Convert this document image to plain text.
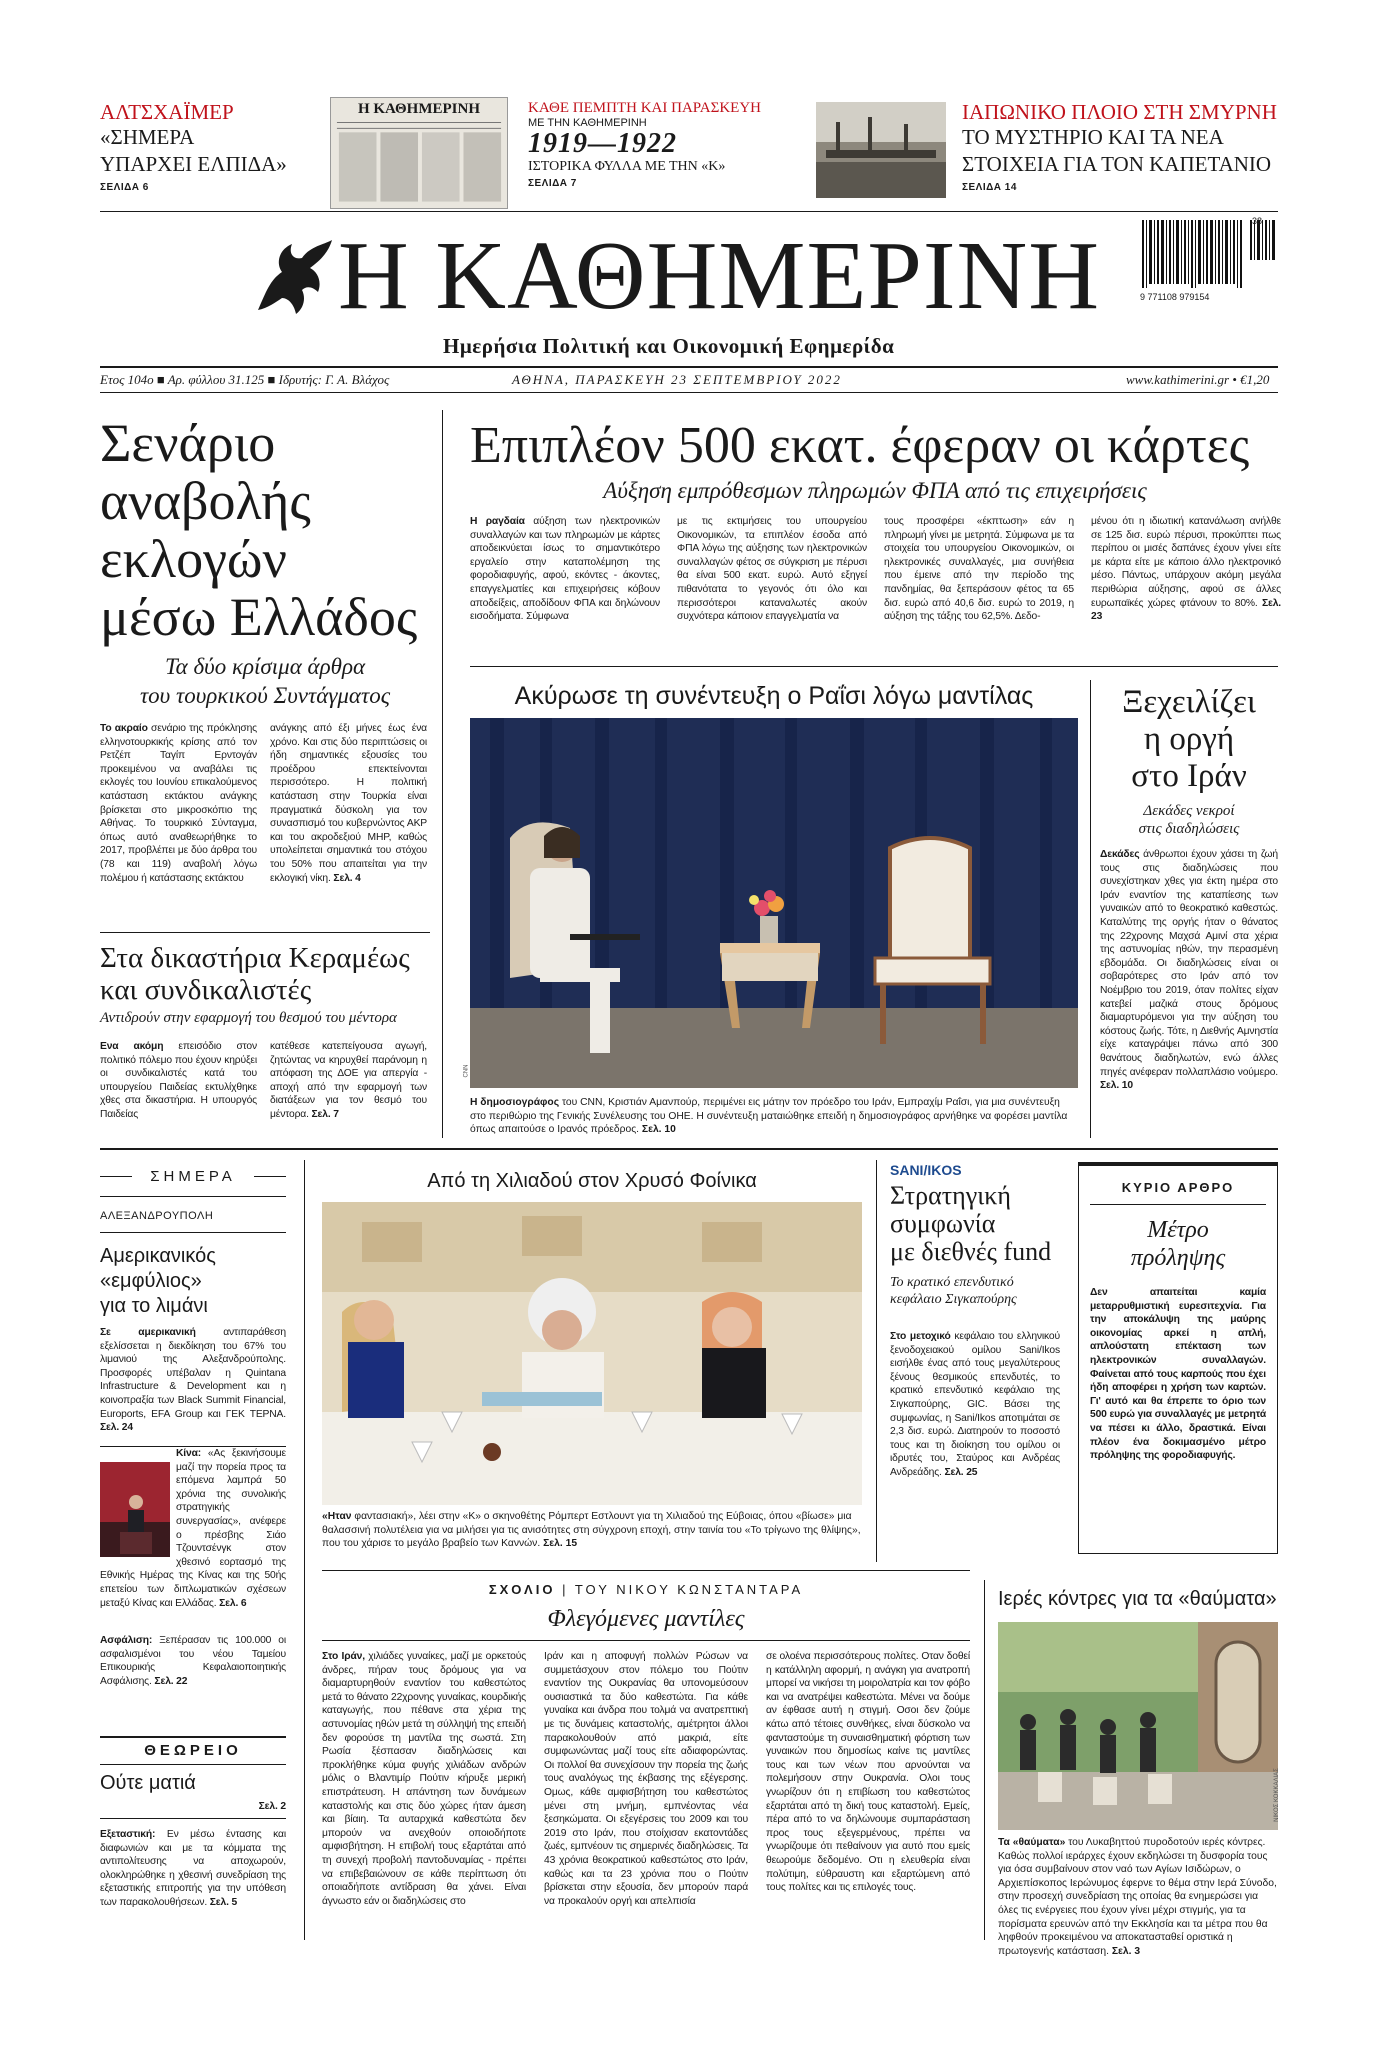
ΑΛΤΣΧΑΪΜΕΡ
«ΣΗΜΕΡΑ
ΥΠΑΡΧΕΙ ΕΛΠΙΔΑ»
ΣΕΛΙΔΑ 6
Η ΚΑΘΗΜΕΡΙΝΗ	ΚΑΘΕ ΠΕΜΠΤΗ ΚΑΙ ΠΑΡΑΣΚΕΥΗ
ΜΕ ΤΗΝ ΚΑΘΗΜΕΡΙΝΗ
1919—1922
ΙΣΤΟΡΙΚΑ ΦΥΛΛΑ ΜΕ ΤΗΝ «Κ»
ΣΕΛΙΔΑ 7
ΙΑΠΩΝΙΚΟ ΠΛΟΙΟ ΣΤΗ ΣΜΥΡΝΗ
ΤΟ ΜΥΣΤΗΡΙΟ ΚΑΙ ΤΑ ΝΕΑ
ΣΤΟΙΧΕΙΑ ΓΙΑ ΤΟΝ ΚΑΠΕΤΑΝΙΟ
ΣΕΛΙΔΑ 14
Η ΚΑΘΗΜΕΡΙΝΗ	9 771108 979154
38
Ημερήσια Πολιτική και Οικονομική Εφημερίδα
Ετος 104ο ■ Αρ. φύλλου 31.125 ■ Ιδρυτής: Γ. Α. Βλάχος	ΑΘΗΝΑ, ΠΑΡΑΣΚΕΥΗ 23 ΣΕΠΤΕΜΒΡΙΟΥ 2022	www.kathimerini.gr • €1,20
Σενάριο
αναβολής
εκλογών
μέσω Ελλάδος
Τα δύο κρίσιμα άρθρα
του τουρκικού Συντάγματος
Το ακραίο σενάριο της πρόκλησης ελληνοτουρκικής κρίσης από τον Ρετζέπ Ταγίπ Ερντογάν προκειμένου να αναβάλει τις εκλογές του Ιουνίου επικαλούμενος κατάσταση εκτάκτου ανάγκης βρίσκεται στο μικροσκόπιο της Αθήνας. Το τουρκικό Σύνταγμα, όπως αυτό αναθεωρήθηκε το 2017, προβλέπει με δύο άρθρα του (78 και 119) αναβολή λόγω πολέμου ή κατάστασης εκτάκτου
ανάγκης από έξι μήνες έως ένα χρόνο. Και στις δύο περιπτώσεις οι ήδη σημαντικές εξουσίες του προέδρου επεκτείνονται περισσότερο. Η πολιτική κατάσταση στην Τουρκία είναι πραγματικά δύσκολη για τον συνασπισμό του κυβερνώντος ΑΚΡ και του ακροδεξιού MHP, καθώς υπολείπεται σημαντικά του στόχου του 50% που απαιτείται για την εκλογική νίκη. Σελ. 4
Στα δικαστήρια Κεραμέως
και συνδικαλιστές
Αντιδρούν στην εφαρμογή του θεσμού του μέντορα
Ενα ακόμη επεισόδιο στον πολιτικό πόλεμο που έχουν κηρύξει οι συνδικαλιστές κατά του υπουργείου Παιδείας εκτυλίχθηκε χθες στα δικαστήρια. Η υπουργός Παιδείας
κατέθεσε κατεπείγουσα αγωγή, ζητώντας να κηρυχθεί παράνομη η απόφαση της ΔΟΕ για απεργία - αποχή από την εφαρμογή των διατάξεων για τον θεσμό του μέντορα. Σελ. 7
Επιπλέον 500 εκατ. έφεραν οι κάρτες
Αύξηση εμπρόθεσμων πληρωμών ΦΠΑ από τις επιχειρήσεις
Η ραγδαία αύξηση των ηλεκτρονικών συναλλαγών και των πληρωμών με κάρτες αποδεικνύεται ίσως το σημαντικότερο εργαλείο στην καταπολέμηση της φοροδιαφυγής, αφού, εκόντες - άκοντες, επαγγελματίες και επιχειρήσεις κόβουν αποδείξεις, αποδίδουν ΦΠΑ και δηλώνουν εισοδήματα. Σύμφωνα
με τις εκτιμήσεις του υπουργείου Οικονομικών, τα επιπλέον έσοδα από ΦΠΑ λόγω της αύξησης των ηλεκτρονικών συναλλαγών φέτος σε σύγκριση με πέρυσι θα είναι 500 εκατ. ευρώ. Αυτό εξηγεί πιθανότατα το γεγονός ότι όλο και περισσότεροι καταναλωτές ακούν συχνότερα κάποιον επαγγελματία να
τους προσφέρει «έκπτωση» εάν η πληρωμή γίνει με μετρητά. Σύμφωνα με τα στοιχεία του υπουργείου Οικονομικών, οι ηλεκτρονικές συναλλαγές, μια συνήθεια που έμεινε από την περίοδο της πανδημίας, θα ξεπεράσουν φέτος τα 65 δισ. ευρώ από 40,6 δισ. ευρώ το 2019, η αύξηση της τάξης του 62,5%. Δεδο-
μένου ότι η ιδιωτική κατανάλωση ανήλθε σε 125 δισ. ευρώ πέρυσι, προκύπτει πως περίπου οι μισές δαπάνες έχουν γίνει είτε με κάρτα είτε με κάποιο άλλο ηλεκτρονικό μέσο. Πάντως, υπάρχουν ακόμη μεγάλα περιθώρια αύξησης, αφού σε άλλες ευρωπαϊκές χώρες φτάνουν το 80%. Σελ. 23
Ακύρωσε τη συνέντευξη ο Ραΐσι λόγω μαντίλας
CNN
Η δημοσιογράφος του CNN, Κριστιάν Αμανπούρ, περιμένει εις μάτην τον πρόεδρο του Ιράν, Εμπραχίμ Ραΐσι, για μια συνέντευξη στο περιθώριο της Γενικής Συνέλευσης του ΟΗΕ. Η συνέντευξη ματαιώθηκε επειδή η δημοσιογράφος αρνήθηκε να φορέσει μαντίλα όπως απαιτούσε ο Ιρανός πρόεδρος. Σελ. 10
Ξεχειλίζει
η οργή
στο Ιράν
Δεκάδες νεκροί
στις διαδηλώσεις
Δεκάδες άνθρωποι έχουν χάσει τη ζωή τους στις διαδηλώσεις που συνεχίστηκαν χθες για έκτη ημέρα στο Ιράν εναντίον της καταπίεσης των γυναικών από το θεοκρατικό καθεστώς. Καταλύτης της οργής ήταν ο θάνατος της 22χρονης Μαχσά Αμινί στα χέρια της αστυνομίας ηθών, την περασμένη εβδομάδα. Οι διαδηλώσεις είναι οι σοβαρότερες στο Ιράν από τον Νοέμβριο του 2019, όταν πολίτες είχαν κατεβεί μαζικά στους δρόμους διαμαρτυρόμενοι για την αύξηση του κόστους ζωής. Τότε, η Διεθνής Αμνηστία είχε καταγράψει πάνω από 300 θανάτους διαδηλωτών, ενώ άλλες πηγές ανέφεραν πολλαπλάσιο νούμερο. Σελ. 10
ΣΗΜΕΡΑ
ΑΛΕΞΑΝΔΡΟΥΠΟΛΗ
Αμερικανικός
«εμφύλιος»
για το λιμάνι
Σε αμερικανική	αντιπαράθεση εξελίσσεται η διεκδίκηση του 67% του λιμανιού της Αλεξανδρούπολης. Προσφορές υπέβαλαν η Quintana Infrastructure & Development και η κοινοπραξία των Black Summit Financial, Euroports, EFA Group και ΓΕΚ ΤΕΡΝΑ. Σελ. 24
Κίνα: «Ας ξεκινήσουμε μαζί την πορεία προς τα επόμενα λαμπρά 50 χρόνια της συνολικής στρατηγικής συνεργασίας», ανέφερε ο πρέσβης Σιάο Τζουντσένγκ στον χθεσινό εορτασμό της Εθνικής Ημέρας της Κίνας και της 50ής επετείου των διπλωματικών σχέσεων μεταξύ Κίνας και Ελλάδας. Σελ. 6
Ασφάλιση: Ξεπέρασαν τις 100.000 οι ασφαλισμένοι του νέου Ταμείου Επικουρικής Κεφαλαιοποιητικής Ασφάλισης. Σελ. 22
ΘΕΩΡΕΙΟ
Ούτε ματιά
Σελ. 2
Εξεταστική: Εν μέσω έντασης και διαφωνιών και με τα κόμματα της αντιπολίτευσης να αποχωρούν, ολοκληρώθηκε η χθεσινή συνεδρίαση της εξεταστικής επιτροπής για την υπόθεση των παρακολουθήσεων. Σελ. 5
Από τη Χιλιαδού στον Χρυσό Φοίνικα
«Ηταν φαντασιακή», λέει στην «Κ» ο σκηνοθέτης Ρόμπερτ Εστλουντ για τη Χιλιαδού της Εύβοιας, όπου «βίωσε» μια θαλασσινή πολυτέλεια για να μιλήσει για τις ανισότητες στη σύγχρονη εποχή, στην ταινία του «Το τρίγωνο της θλίψης», που του χάρισε το μεγάλο βραβείο των Καννών. Σελ. 15
SANI/IKOS
Στρατηγική
συμφωνία
με διεθνές fund
Το κρατικό επενδυτικό
κεφάλαιο Σιγκαπούρης
Στο μετοχικό κεφάλαιο του ελληνικού ξενοδοχειακού ομίλου Sani/Ikos εισήλθε ένας από τους μεγαλύτερους ξένους θεσμικούς επενδυτές, το κρατικό επενδυτικό κεφάλαιο της Σιγκαπούρης, GIC. Βάσει της συμφωνίας, η Sani/Ikos αποτιμάται σε 2,3 δισ. ευρώ. Διατηρούν το ποσοστό τους και τη διοίκηση του ομίλου οι ιδρυτές του, Σταύρος και Ανδρέας Ανδρεάδης. Σελ. 25
ΚΥΡΙΟ ΑΡΘΡΟ
Μέτρο
πρόληψης
Δεν απαιτείται καμία μεταρρυθμιστική ευρεσιτεχνία. Για την αποκάλυψη της μαύρης οικονομίας αρκεί η απλή, απλούστατη επέκταση των ηλεκτρονικών συναλλαγών. Φαίνεται από τους καρπούς που έχει ήδη αποφέρει η χρήση των καρτών. Γι' αυτό και θα έπρεπε το όριο των 500 ευρώ για συναλλαγές με μετρητά να πέσει κι άλλο, δραστικά. Είναι πλέον ένα δοκιμασμένο μέτρο πρόληψης της φοροδιαφυγής.
ΣΧΟΛΙΟ | ΤΟΥ ΝΙΚΟΥ ΚΩΝΣΤΑΝΤΑΡΑ
Φλεγόμενες μαντίλες
Στο Ιράν, χιλιάδες γυναίκες, μαζί με ορκετούς άνδρες, πήραν τους δρόμους για να διαμαρτυρηθούν εναντίον του καθεστώτος μετά το θάνατο 22χρονης γυναίκας, κουρδικής καταγωγής, που πέθανε στα χέρια της αστυνομίας ηθών μετά τη σύλληψή της επειδή δεν φορούσε τη μαντίλα της σωστά. Στη Ρωσία ξέσπασαν διαδηλώσεις και προκλήθηκε κύμα φυγής χιλιάδων ανδρών μόλις ο Βλαντιμίρ Πούτιν κήρυξε μερική επιστράτευση. Η απάντηση των δυνάμεων καταστολής και στις δύο χώρες ήταν άμεση και βίαιη. Τα αυταρχικά καθεστώτα δεν μπορούν να ανεχθούν οποιοδήποτε αμφισβήτηση. Η επιβολή τους εξαρτάται από τη συνεχή προβολή παντοδυναμίας - πρέπει να επιβεβαιώνουν σε κάθε περίπτωση ότι οποιαδήποτε αντίδραση θα χάνει. Είναι άγνωστο εάν οι διαδηλώσεις στο
Ιράν και η αποφυγή πολλών Ρώσων να συμμετάσχουν στον πόλεμο του Πούτιν εναντίον της Ουκρανίας θα υπονομεύσουν ουσιαστικά τα δύο καθεστώτα. Για κάθε γυναίκα και άνδρα που τολμά να ανατρεπτική με τις δυνάμεις καταστολής, αμέτρητοι άλλοι παρακολουθούν από μακριά, είτε συμφωνώντας μαζί τους είτε αδιαφορώντας. Οι πολλοί θα συνεχίσουν την πορεία της ζωής τους αναλόγως της έκβασης της εξέγερσης. Ομως, κάθε αμφισβήτηση του καθεστώτος μένει στη μνήμη, εμπνέοντας νέα ξεσηκώματα. Οι εξεγέρσεις του 2009 και του 2019 στο Ιράν, που στοίχισαν εκατοντάδες ζωές, εμπνέουν τις σημερινές διαδηλώσεις. Τα 43 χρόνια θεοκρατικού καθεστώτος στο Ιράν, καθώς και τα 23 χρόνια που ο Πούτιν βρίσκεται στην εξουσία, δεν μπορούν παρά να προκαλούν οργή και απελπισία
σε ολοένα περισσότερους πολίτες. Οταν δοθεί η κατάλληλη αφορμή, η ανάγκη για ανατροπή μπορεί να νικήσει τη μοιρολατρία και τον φόβο και να ανατρέψει καθεστώτα. Μένει να δούμε αν έφθασε αυτή η στιγμή. Οσοι δεν ζούμε κάτω από τέτοιες συνθήκες, είναι δύσκολο να φανταστούμε τη συναισθηματική φόρτιση των γυναικών που δημοσίως καίνε τις μαντίλες τους και των νέων που αρνούνται να πολεμήσουν στην Ουκρανία. Ολοι τους γνωρίζουν ότι η επιβίωση του καθεστώτος εξαρτάται από τη δική τους καταστολή. Εμείς, πέρα από το να δηλώνουμε συμπαράσταση προς τους εξεγερμένους, πρέπει να γνωρίζουμε ότι πεθαίνουν για αυτό που εμείς θεωρούμε δεδομένο. Οτι η ελευθερία είναι πολύτιμη, εύθραυστη και εξαρτώμενη από τους πολίτες και τις επιλογές τους.
Ιερές κόντρες για τα «θαύματα»
ΝΙΚΟΣ ΚΟΚΚΑΛΙΑΣ
Τα «θαύματα» του Λυκαβηττού πυροδοτούν ιερές κόντρες. Καθώς πολλοί ιεράρχες έχουν εκδηλώσει τη δυσφορία τους για όσα συμβαίνουν στον ναό των Αγίων Ισιδώρων, ο Αρχιεπίσκοπος Ιερώνυμος έφερνε το θέμα στην Ιερά Σύνοδο, στην προσεχή συνεδρίαση της οποίας θα ενημερώσει για όλες τις ενέργειες που έχουν γίνει μέχρι στιγμής, για τα πορίσματα ερευνών από την Εκκλησία και τα μέτρα που θα ληφθούν προκειμένου να αποκατασταθεί οριστικά η πρωτογενής κατάσταση. Σελ. 3
